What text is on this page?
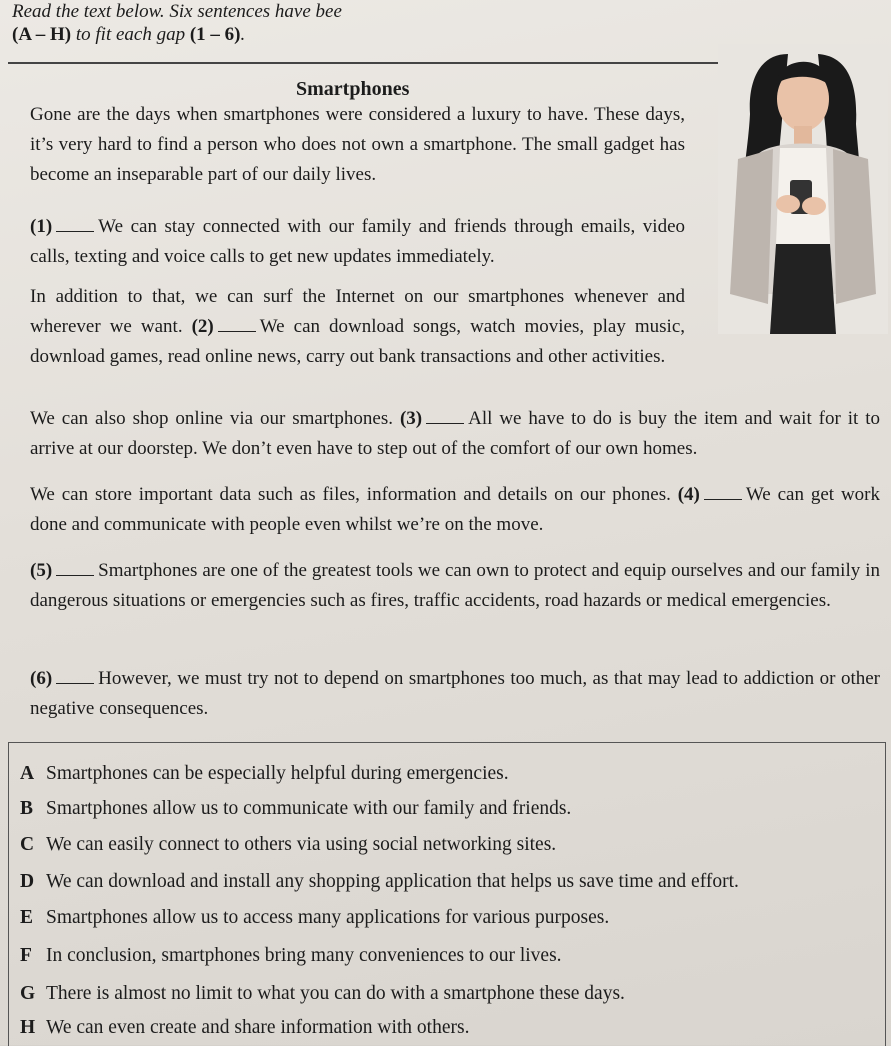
Read the text below. Six sentences have bee
(A – H) to fit each gap (1 – 6).
Smartphones
Gone are the days when smartphones were considered a luxury to have. These days, it’s very hard to find a person who does not own a smartphone. The small gadget has become an inseparable part of our daily lives.
(1) We can stay connected with our family and friends through emails, video calls, texting and voice calls to get new updates immediately.
In addition to that, we can surf the Internet on our smartphones whenever and wherever we want. (2) We can download songs, watch movies, play music, download games, read online news, carry out bank transactions and other activities.
We can also shop online via our smartphones. (3) All we have to do is buy the item and wait for it to arrive at our doorstep. We don’t even have to step out of the comfort of our own homes.
We can store important data such as files, information and details on our phones. (4) We can get work done and communicate with people even whilst we’re on the move.
(5) Smartphones are one of the greatest tools we can own to protect and equip ourselves and our family in dangerous situations or emergencies such as fires, traffic accidents, road hazards or medical emergencies.
(6) However, we must try not to depend on smartphones too much, as that may lead to addiction or other negative consequences.
A Smartphones can be especially helpful during emergencies.
B Smartphones allow us to communicate with our family and friends.
C We can easily connect to others via using social networking sites.
D We can download and install any shopping application that helps us save time and effort.
E Smartphones allow us to access many applications for various purposes.
F In conclusion, smartphones bring many conveniences to our lives.
G There is almost no limit to what you can do with a smartphone these days.
H We can even create and share information with others.
